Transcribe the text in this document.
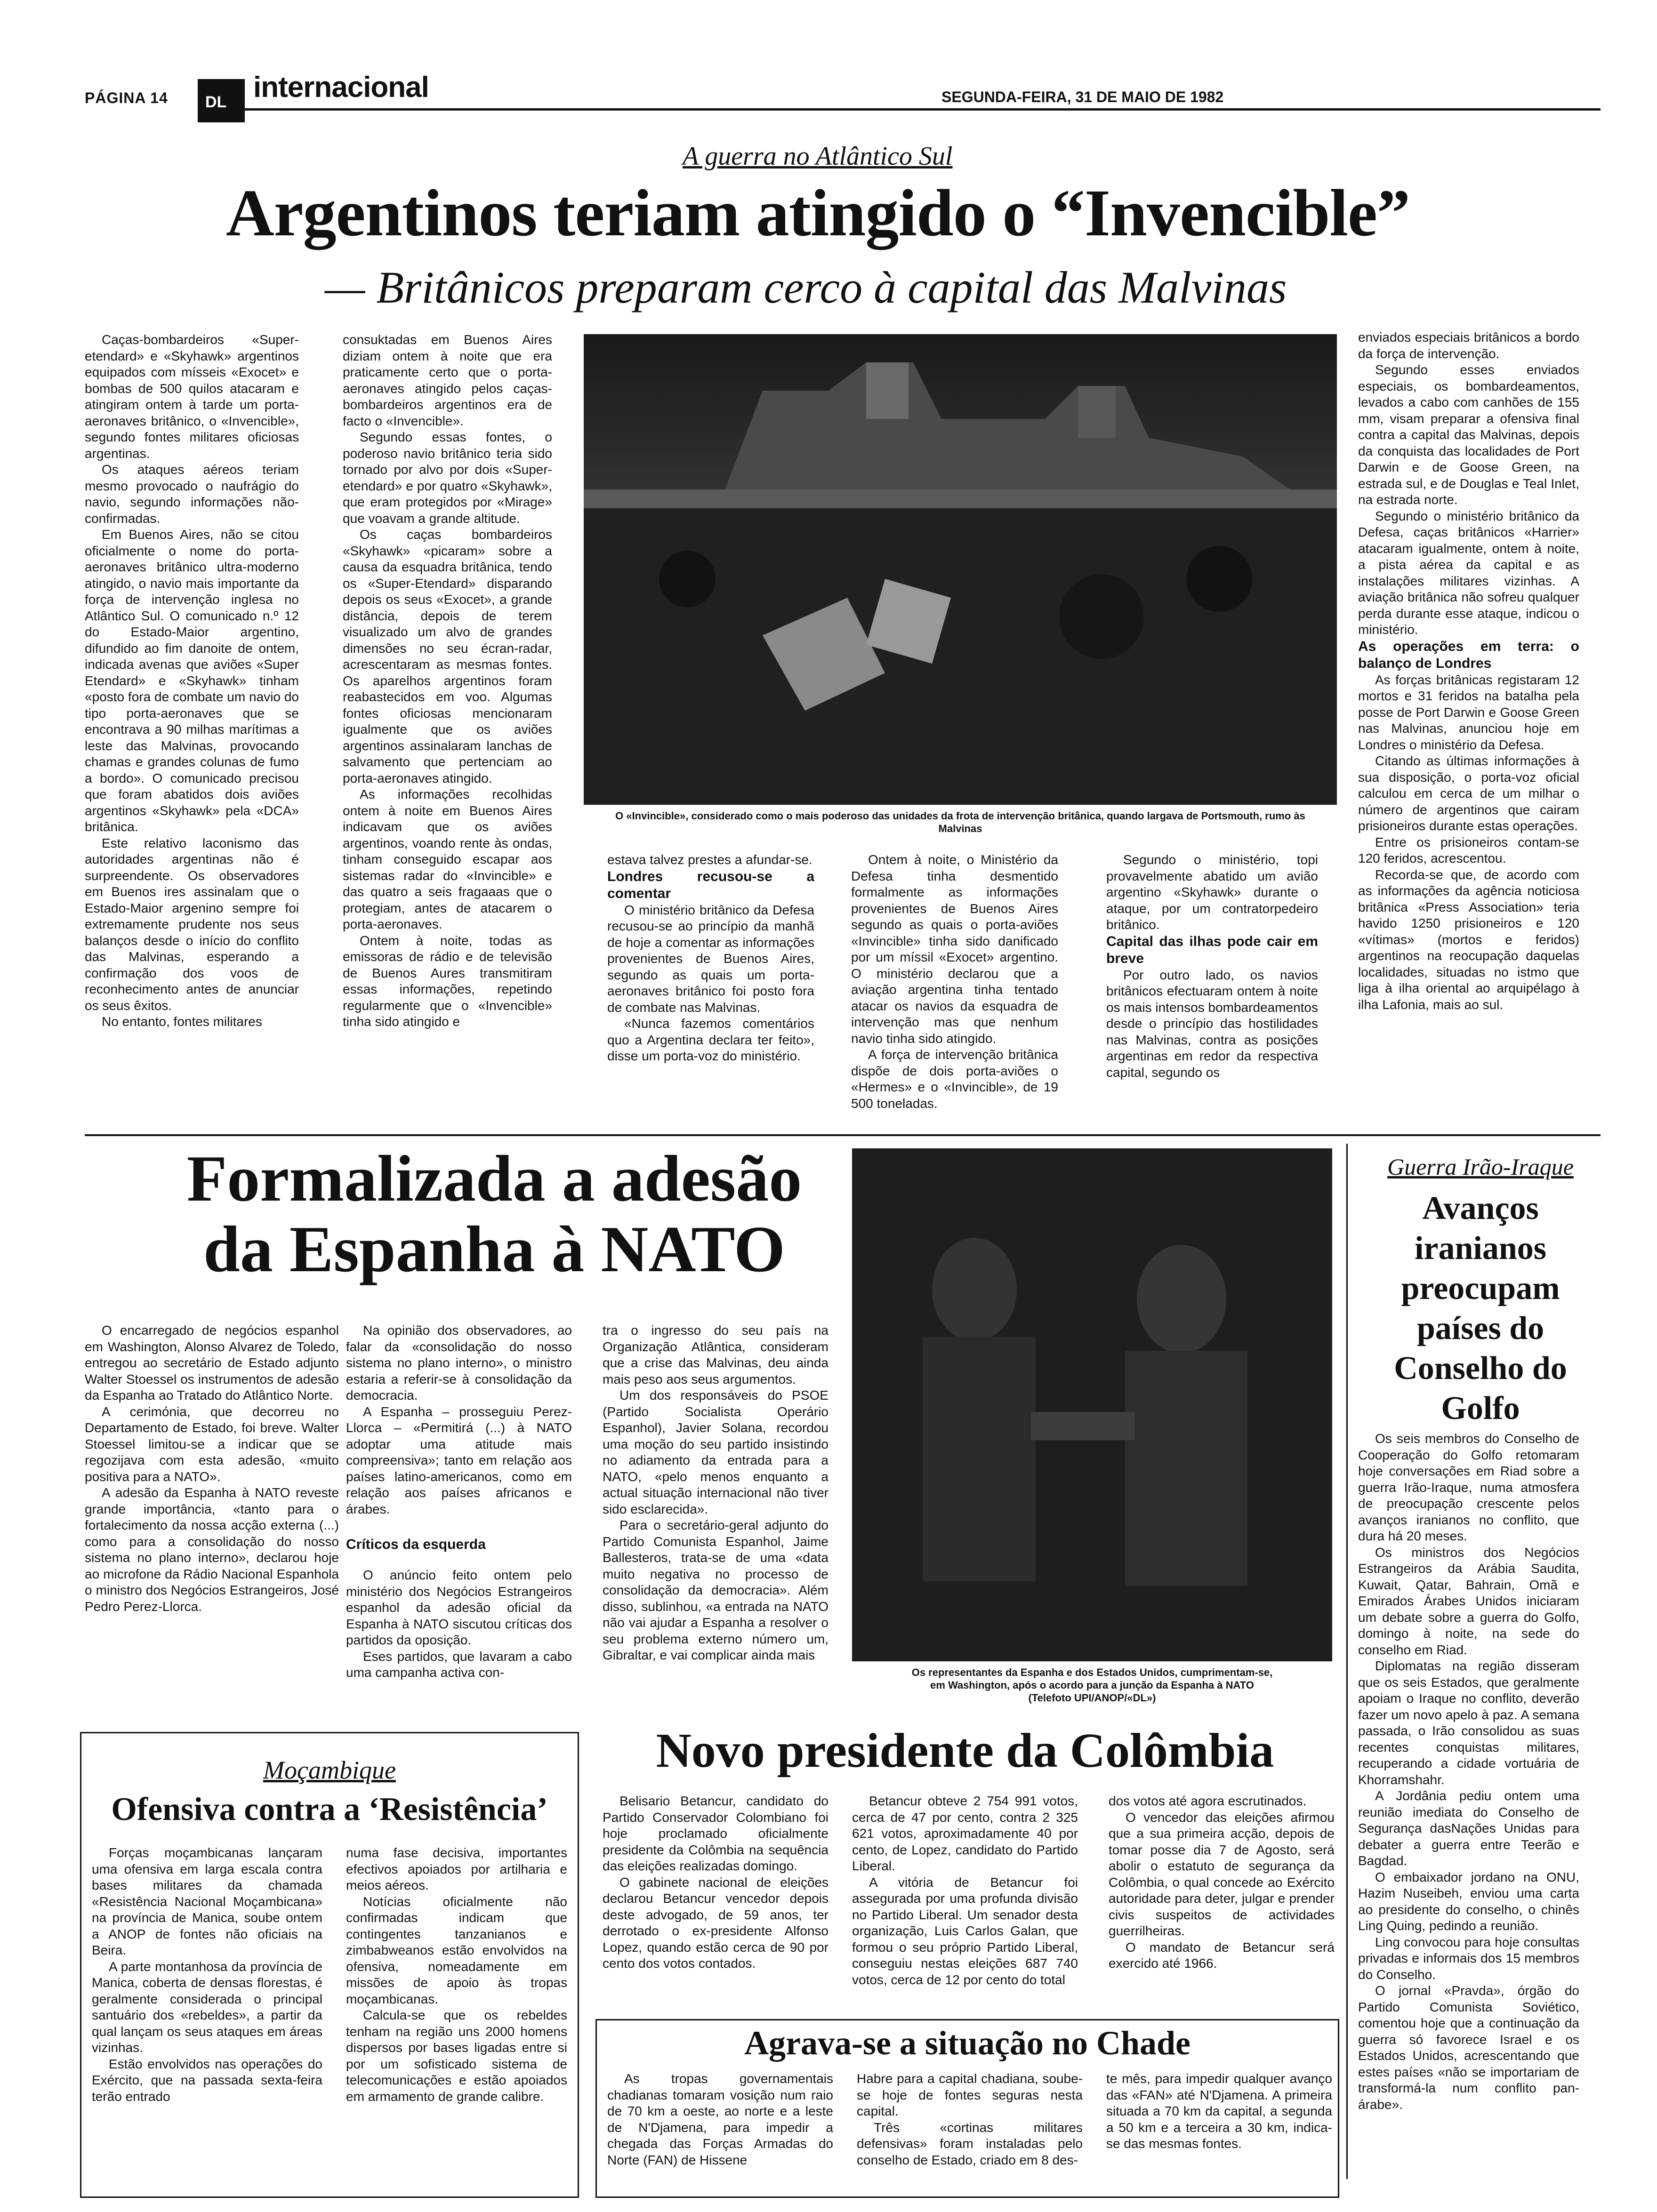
PÁGINA 14 DL internacional	SEGUNDA-FEIRA, 31 DE MAIO DE 1982
A guerra no Atlântico Sul
Argentinos teriam atingido o “Invencible”
— Britânicos preparam cerco à capital das Malvinas

Caças-bombardeiros «Super-etendard» e «Skyhawk» argentinos equipados com mísseis «Exocet» e bombas de 500 quilos atacaram e atingiram ontem à tarde um porta-aeronaves britânico, o «Invencible», segundo fontes militares oficiosas argentinas.

Os ataques aéreos teriam mesmo provocado o naufrágio do navio, segundo informações não-confirmadas.

Em Buenos Aires, não se citou oficialmente o nome do porta-aeronaves britânico ultra-moderno atingido, o navio mais importante da força de intervenção inglesa no Atlântico Sul. O comunicado n.º 12 do Estado-Maior argentino, difundido ao fim danoite de ontem, indicada avenas que aviões «Super Etendard» e «Skyhawk» tinham «posto fora de combate um navio do tipo porta-aeronaves que se encontrava a 90 milhas marítimas a leste das Malvinas, provocando chamas e grandes colunas de fumo a bordo». O comunicado precisou que foram abatidos dois aviões argentinos «Skyhawk» pela «DCA» britânica.

Este relativo laconismo das autoridades argentinas não é surpreendente. Os observadores em Buenos ires assinalam que o Estado-Maior argenino sempre foi extremamente prudente nos seus balanços desde o início do conflito das Malvinas, esperando a confirmação dos voos de reconhecimento antes de anunciar os seus êxitos.

No entanto, fontes militares

consuktadas em Buenos Aires diziam ontem à noite que era praticamente certo que o porta-aeronaves atingido pelos caças-bombardeiros argentinos era de facto o «Invencible».

Segundo essas fontes, o poderoso navio britânico teria sido tornado por alvo por dois «Super-etendard» e por quatro «Skyhawk», que eram protegidos por «Mirage» que voavam a grande altitude.

Os caças bombardeiros «Skyhawk» «picaram» sobre a causa da esquadra britânica, tendo os «Super-Etendard» disparando depois os seus «Exocet», a grande distância, depois de terem visualizado um alvo de grandes dimensões no seu écran-radar, acrescentaram as mesmas fontes. Os aparelhos argentinos foram reabastecidos em voo. Algumas fontes oficiosas mencionaram igualmente que os aviões argentinos assinalaram lanchas de salvamento que pertenciam ao porta-aeronaves atingido.

As informações recolhidas ontem à noite em Buenos Aires indicavam que os aviões argentinos, voando rente às ondas, tinham conseguido escapar aos sistemas radar do «Invincible» e das quatro a seis fragaaas que o protegiam, antes de atacarem o porta-aeronaves.

Ontem à noite, todas as emissoras de rádio e de televisão de Buenos Aures transmitiram essas informações, repetindo regularmente que o «Invencible» tinha sido atingido e

O «Invincible», considerado como o mais poderoso das unidades da frota de intervenção britânica, quando largava de Portsmouth, rumo às Malvinas

estava talvez prestes a afundar-se.

Londres recusou-se a comentar

O ministério britânico da Defesa recusou-se ao princípio da manhã de hoje a comentar as informações provenientes de Buenos Aires, segundo as quais um porta-aeronaves britânico foi posto fora de combate nas Malvinas.

«Nunca fazemos comentários quo a Argentina declara ter feito», disse um porta-voz do ministério.

Ontem à noite, o Ministério da Defesa tinha desmentido formalmente as informações provenientes de Buenos Aires segundo as quais o porta-aviões «Invincible» tinha sido danificado por um míssil «Exocet» argentino. O ministério declarou que a aviação argentina tinha tentado atacar os navios da esquadra de intervenção mas que nenhum navio tinha sido atingido.

A força de intervenção britânica dispõe de dois porta-aviões o «Hermes» e o «Invincible», de 19 500 toneladas.

Segundo o ministério, topi provavelmente abatido um avião argentino «Skyhawk» durante o ataque, por um contratorpedeiro britânico.

Capital das ilhas pode cair em breve

Por outro lado, os navios britânicos efectuaram ontem à noite os mais intensos bombardeamentos desde o princípio das hostilidades nas Malvinas, contra as posições argentinas em redor da respectiva capital, segundo os

enviados especiais britânicos a bordo da força de intervenção.

Segundo esses enviados especiais, os bombardeamentos, levados a cabo com canhões de 155 mm, visam preparar a ofensiva final contra a capital das Malvinas, depois da conquista das localidades de Port Darwin e de Goose Green, na estrada sul, e de Douglas e Teal Inlet, na estrada norte.

Segundo o ministério britânico da Defesa, caças britânicos «Harrier» atacaram igualmente, ontem à noite, a pista aérea da capital e as instalações militares vizinhas. A aviação britânica não sofreu qualquer perda durante esse ataque, indicou o ministério.

As operações em terra: o balanço de Londres

As forças britânicas registaram 12 mortos e 31 feridos na batalha pela posse de Port Darwin e Goose Green nas Malvinas, anunciou hoje em Londres o ministério da Defesa.

Citando as últimas informações à sua disposição, o porta-voz oficial calculou em cerca de um milhar o número de argentinos que cairam prisioneiros durante estas operações.

Entre os prisioneiros contam-se 120 feridos, acrescentou.

Recorda-se que, de acordo com as informações da agência noticiosa britânica «Press Association» teria havido 1250 prisioneiros e 120 «vítimas» (mortos e feridos) argentinos na reocupação daquelas localidades, situadas no istmo que liga à ilha oriental ao arquipélago à ilha Lafonia, mais ao sul.

Formalizada a adesão
da Espanha à NATO

O encarregado de negócios espanhol em Washington, Alonso Alvarez de Toledo, entregou ao secretário de Estado adjunto Walter Stoessel os instrumentos de adesão da Espanha ao Tratado do Atlântico Norte.

A cerimónia, que decorreu no Departamento de Estado, foi breve. Walter Stoessel limitou-se a indicar que se regozijava com esta adesão, «muito positiva para a NATO».

A adesão da Espanha à NATO reveste grande importância, «tanto para o fortalecimento da nossa acção externa (...) como para a consolidação do nosso sistema no plano interno», declarou hoje ao microfone da Rádio Nacional Espanhola o ministro dos Negócios Estrangeiros, José Pedro Perez-Llorca.

Na opinião dos observadores, ao falar da «consolidação do nosso sistema no plano interno», o ministro estaria a referir-se à consolidação da democracia.

A Espanha – prosseguiu Perez-Llorca – «Permitirá (...) à NATO adoptar uma atitude mais compreensiva»; tanto em relação aos países latino-americanos, como em relação aos países africanos e árabes.

Críticos da esquerda

O anúncio feito ontem pelo ministério dos Negócios Estrangeiros espanhol da adesão oficial da Espanha à NATO siscutou críticas dos partidos da oposição.

Eses partidos, que lavaram a cabo uma campanha activa con-

tra o ingresso do seu país na Organização Atlântica, consideram que a crise das Malvinas, deu ainda mais peso aos seus argumentos.

Um dos responsáveis do PSOE (Partido Socialista Operário Espanhol), Javier Solana, recordou uma moção do seu partido insistindo no adiamento da entrada para a NATO, «pelo menos enquanto a actual situação internacional não tiver sido esclarecida».

Para o secretário-geral adjunto do Partido Comunista Espanhol, Jaime Ballesteros, trata-se de uma «data muito negativa no processo de consolidação da democracia». Além disso, sublinhou, «a entrada na NATO não vai ajudar a Espanha a resolver o seu problema externo número um, Gibraltar, e vai complicar ainda mais

Os representantes da Espanha e dos Estados Unidos, cumprimentam-se,
em Washington, após o acordo para a junção da Espanha à NATO
(Telefoto UPI/ANOP/«DL»)
Guerra Irão-Iraque
Avanços iranianos preocupam países do Conselho do Golfo

Os seis membros do Conselho de Cooperação do Golfo retomaram hoje conversações em Riad sobre a guerra Irão-Iraque, numa atmosfera de preocupação crescente pelos avanços iranianos no conflito, que dura há 20 meses.

Os ministros dos Negócios Estrangeiros da Arábia Saudita, Kuwait, Qatar, Bahrain, Omã e Emirados Árabes Unidos iniciaram um debate sobre a guerra do Golfo, domingo à noite, na sede do conselho em Riad.

Diplomatas na região disseram que os seis Estados, que geralmente apoiam o Iraque no conflito, deverão fazer um novo apelo à paz. A semana passada, o Irão consolidou as suas recentes conquistas militares, recuperando a cidade vortuária de Khorramshahr.

A Jordânia pediu ontem uma reunião imediata do Conselho de Segurança dasNações Unidas para debater a guerra entre Teerão e Bagdad.

O embaixador jordano na ONU, Hazim Nuseibeh, enviou uma carta ao presidente do conselho, o chinês Ling Quing, pedindo a reunião.

Ling convocou para hoje consultas privadas e informais dos 15 membros do Conselho.

O jornal «Pravda», órgão do Partido Comunista Soviético, comentou hoje que a continuação da guerra só favorece Israel e os Estados Unidos, acrescentando que estes países «não se importariam de transformá-la num conflito pan-árabe».

Moçambique
Ofensiva contra a ‘Resistência’

Forças moçambicanas lançaram uma ofensiva em larga escala contra bases militares da chamada «Resistência Nacional Moçambicana» na província de Manica, soube ontem a ANOP de fontes não oficiais na Beira.

A parte montanhosa da província de Manica, coberta de densas florestas, é geralmente considerada o principal santuário dos «rebeldes», a partir da qual lançam os seus ataques em áreas vizinhas.

Estão envolvidos nas operações do Exército, que na passada sexta-feira terão entrado

numa fase decisiva, importantes efectivos apoiados por artilharia e meios aéreos.

Notícias oficialmente não confirmadas indicam que contingentes tanzanianos e zimbabweanos estão envolvidos na ofensiva, nomeadamente em missões de apoio às tropas moçambicanas.

Calcula-se que os rebeldes tenham na região uns 2000 homens dispersos por bases ligadas entre si por um sofisticado sistema de telecomunicações e estão apoiados em armamento de grande calibre.

Novo presidente da Colômbia

Belisario Betancur, candidato do Partido Conservador Colombiano foi hoje proclamado oficialmente presidente da Colômbia na sequência das eleições realizadas domingo.

O gabinete nacional de eleições declarou Betancur vencedor depois deste advogado, de 59 anos, ter derrotado o ex-presidente Alfonso Lopez, quando estão cerca de 90 por cento dos votos contados.

Betancur obteve 2 754 991 votos, cerca de 47 por cento, contra 2 325 621 votos, aproximadamente 40 por cento, de Lopez, candidato do Partido Liberal.

A vitória de Betancur foi assegurada por uma profunda divisão no Partido Liberal. Um senador desta organização, Luis Carlos Galan, que formou o seu próprio Partido Liberal, conseguiu nestas eleições 687 740 votos, cerca de 12 por cento do total

dos votos até agora escrutinados.

O vencedor das eleições afirmou que a sua primeira acção, depois de tomar posse dia 7 de Agosto, será abolir o estatuto de segurança da Colômbia, o qual concede ao Exército autoridade para deter, julgar e prender civis suspeitos de actividades guerrilheiras.

O mandato de Betancur será exercido até 1966.

Agrava-se a situação no Chade

As tropas governamentais chadianas tomaram vosição num raio de 70 km a oeste, ao norte e a leste de N'Djamena, para impedir a chegada das Forças Armadas do Norte (FAN) de Hissene

Habre para a capital chadiana, soube-se hoje de fontes seguras nesta capital.

Três «cortinas militares defensivas» foram instaladas pelo conselho de Estado, criado em 8 des-

te mês, para impedir qualquer avanço das «FAN» até N'Djamena. A primeira situada a 70 km da capital, a segunda a 50 km e a terceira a 30 km, indica-se das mesmas fontes.
